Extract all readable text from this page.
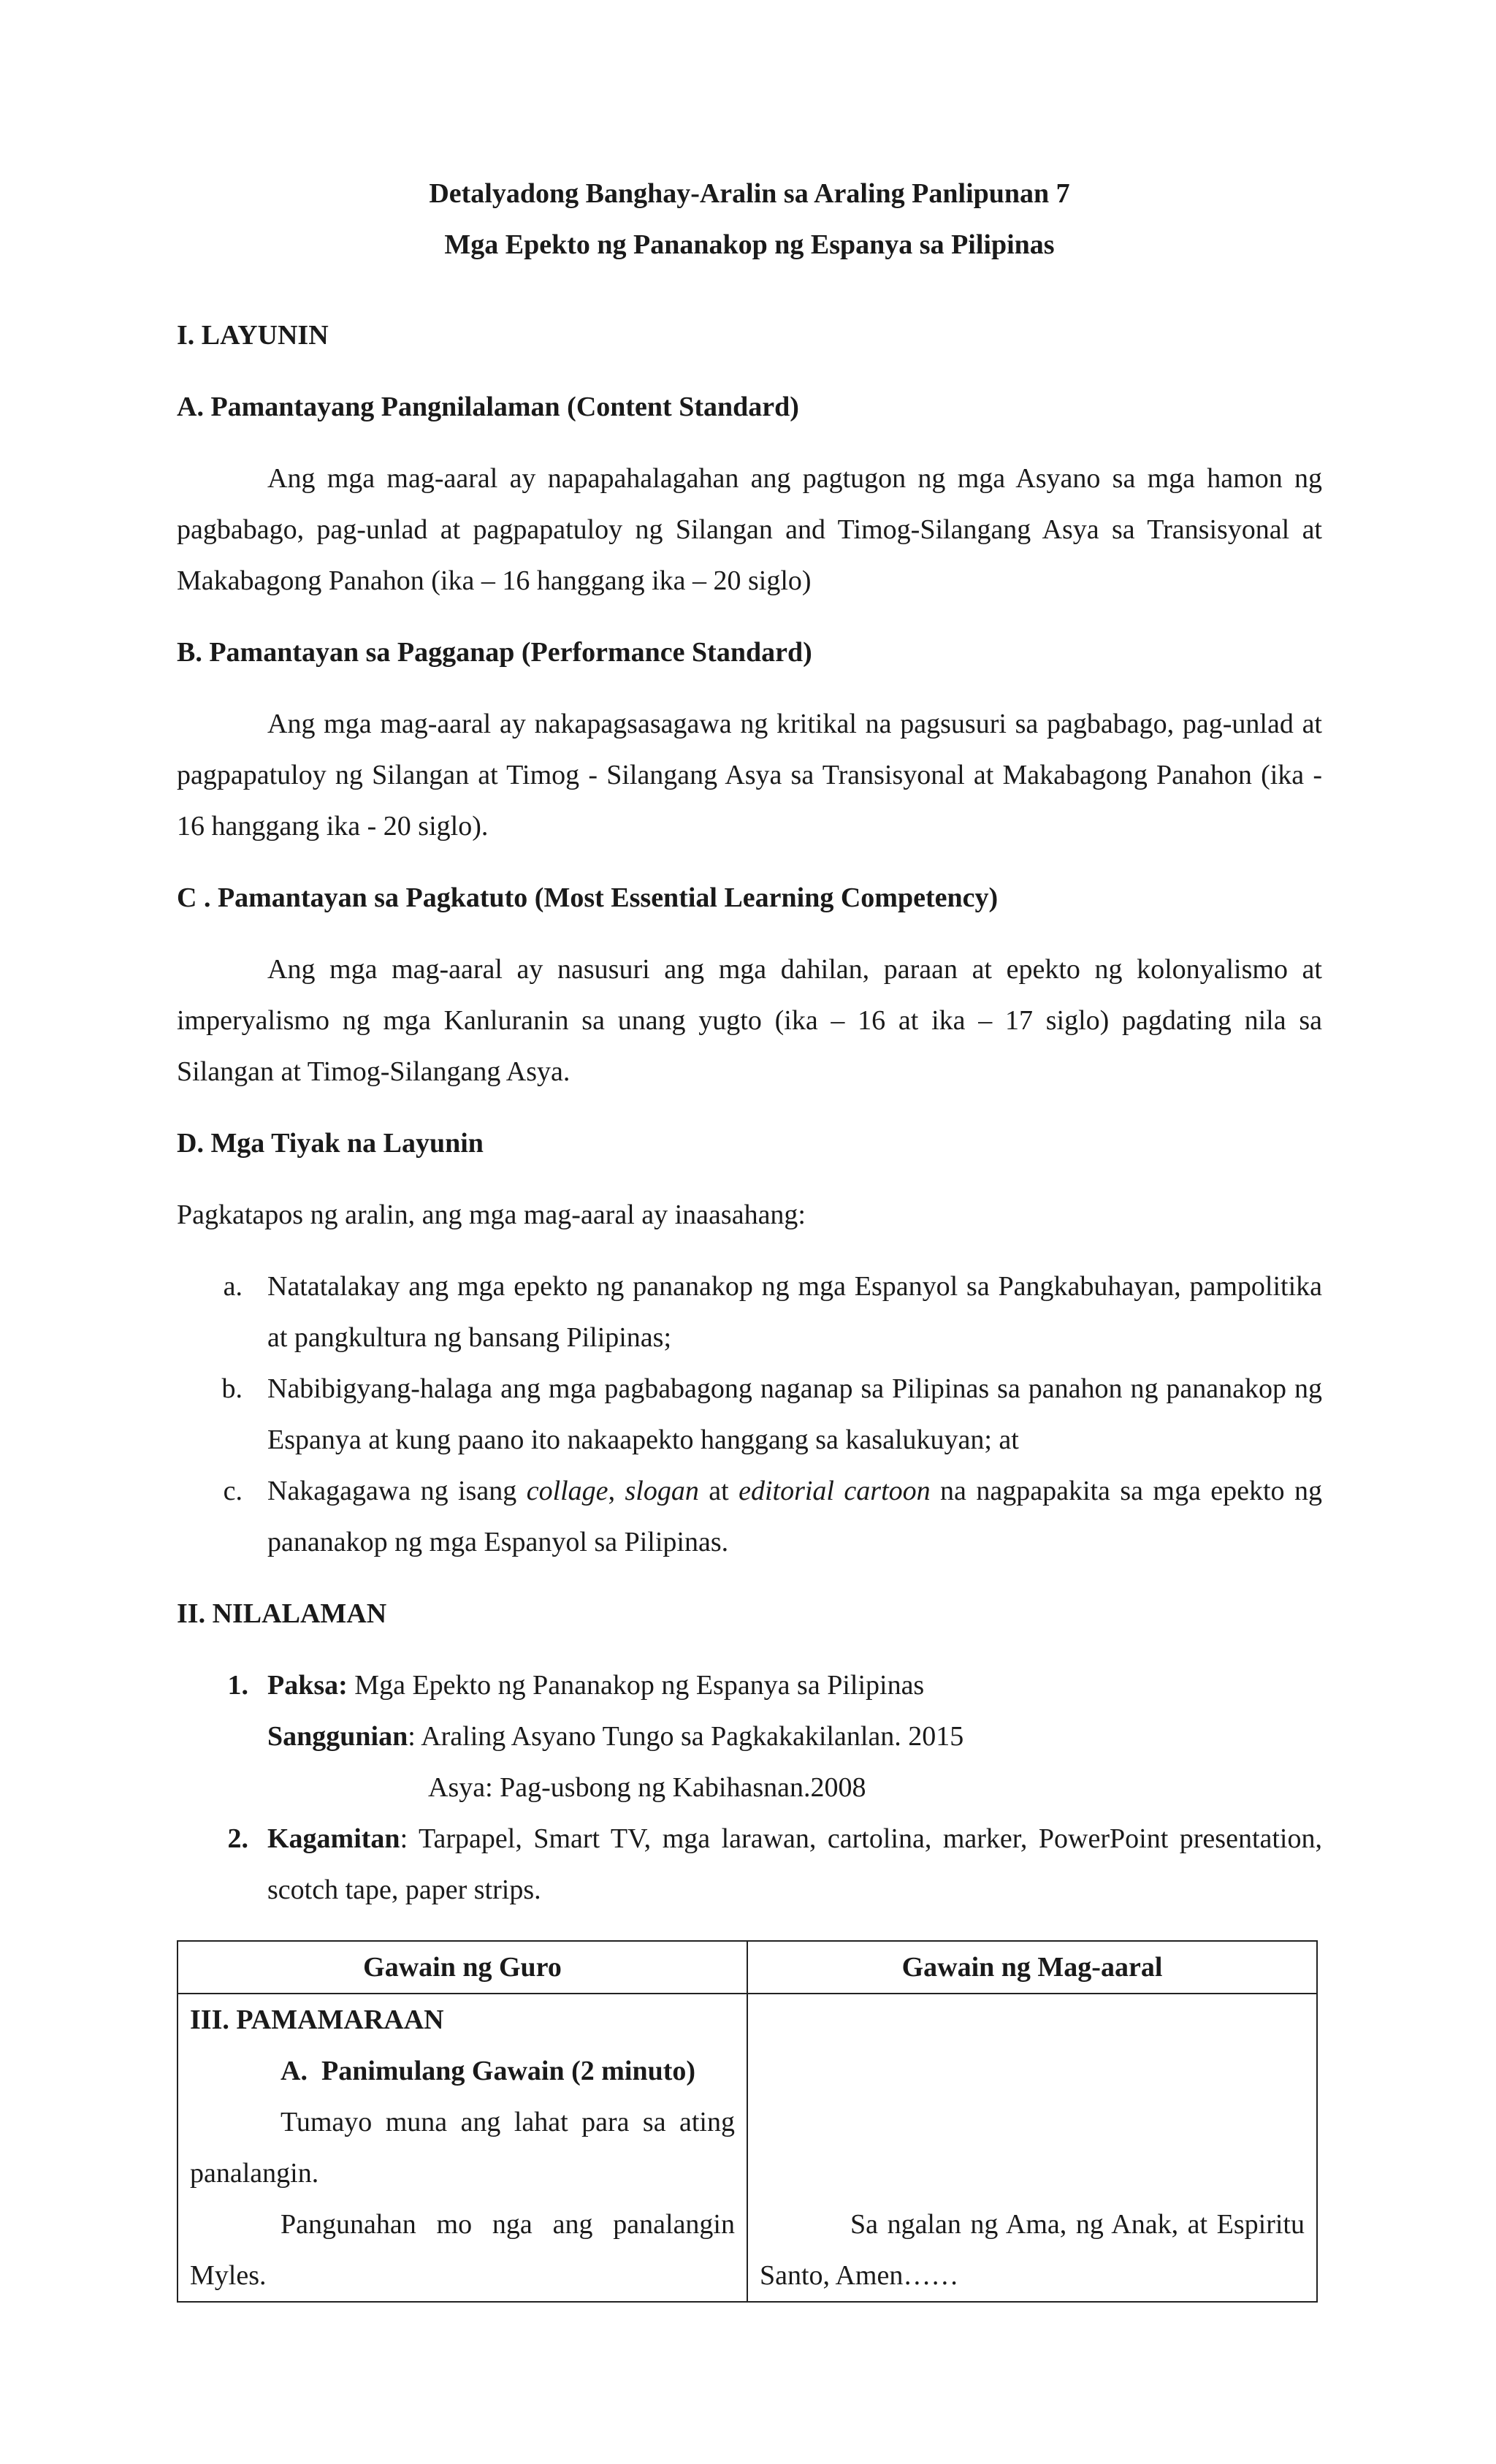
Detalyadong Banghay-Aralin sa Araling Panlipunan 7

Mga Epekto ng Pananakop ng Espanya sa Pilipinas

I. LAYUNIN

A. Pamantayang Pangnilalaman (Content Standard)

Ang mga mag-aaral ay napapahalagahan ang pagtugon ng mga Asyano sa mga hamon ng pagbabago, pag-unlad at pagpapatuloy ng Silangan and Timog-Silangang Asya sa Transisyonal at Makabagong Panahon (ika – 16 hanggang ika – 20 siglo)

B. Pamantayan sa Pagganap (Performance Standard)

Ang mga mag-aaral ay nakapagsasagawa ng kritikal na pagsusuri sa pagbabago, pag-unlad at pagpapatuloy ng Silangan at Timog - Silangang Asya sa Transisyonal at Makabagong Panahon (ika - 16 hanggang ika - 20 siglo).

C . Pamantayan sa Pagkatuto (Most Essential Learning Competency)

Ang mga mag-aaral ay nasusuri ang mga dahilan, paraan at epekto ng kolonyalismo at imperyalismo ng mga Kanluranin sa unang yugto (ika – 16 at ika – 17 siglo) pagdating nila sa Silangan at Timog-Silangang Asya.

D. Mga Tiyak na Layunin

Pagkatapos ng aralin, ang mga mag-aaral ay inaasahang:

a. Natatalakay ang mga epekto ng pananakop ng mga Espanyol sa Pangkabuhayan, pampolitika at pangkultura ng bansang Pilipinas;
b. Nabibigyang-halaga ang mga pagbabagong naganap sa Pilipinas sa panahon ng pananakop ng Espanya at kung paano ito nakaapekto hanggang sa kasalukuyan; at
c. Nakagagawa ng isang collage, slogan at editorial cartoon na nagpapakita sa mga epekto ng pananakop ng mga Espanyol sa Pilipinas.

II. NILALAMAN

1. Paksa: Mga Epekto ng Pananakop ng Espanya sa Pilipinas
Sanggunian: Araling Asyano Tungo sa Pagkakakilanlan. 2015
Asya: Pag-usbong ng Kabihasnan.2008
2. Kagamitan: Tarpapel, Smart TV, mga larawan, cartolina, marker, PowerPoint presentation, scotch tape, paper strips.
Gawain ng Guro	Gawain ng Mag-aaral

III. PAMAMARAAN

A. Panimulang Gawain (2 minuto)

Tumayo muna ang lahat para sa ating panalangin.

Pangunahan mo nga ang panalangin Myles.	Sa ngalan ng Ama, ng Anak, at Espiritu Santo, Amen……
